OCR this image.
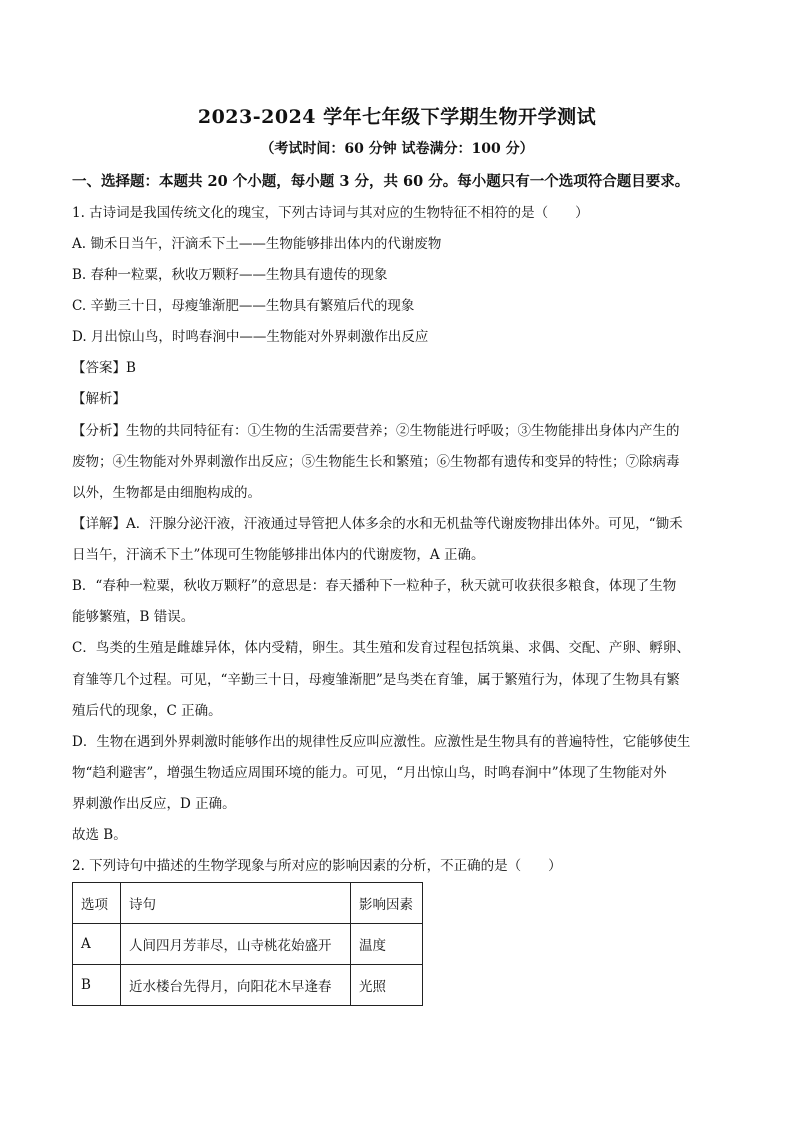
2023-2024 学年七年级下学期生物开学测试
（考试时间：60 分钟 试卷满分：100 分）
一、选择题：本题共 20 个小题，每小题 3 分，共 60 分。每小题只有一个选项符合题目要求。
1. 古诗词是我国传统文化的瑰宝，下列古诗词与其对应的生物特征不相符的是（　　）
A. 锄禾日当午，汗滴禾下土——生物能够排出体内的代谢废物
B. 春种一粒粟，秋收万颗籽——生物具有遗传的现象
C. 辛勤三十日，母瘦雏渐肥——生物具有繁殖后代的现象
D. 月出惊山鸟，时鸣春涧中——生物能对外界刺激作出反应
【答案】B
【解析】
【分析】生物的共同特征有：①生物的生活需要营养；②生物能进行呼吸；③生物能排出身体内产生的
废物；④生物能对外界刺激作出反应；⑤生物能生长和繁殖；⑥生物都有遗传和变异的特性；⑦除病毒
以外，生物都是由细胞构成的。
【详解】A．汗腺分泌汗液，汗液通过导管把人体多余的水和无机盐等代谢废物排出体外。可见，“锄禾
日当午，汗滴禾下土”体现可生物能够排出体内的代谢废物，A 正确。
B．“春种一粒粟，秋收万颗籽”的意思是：春天播种下一粒种子，秋天就可收获很多粮食，体现了生物
能够繁殖，B 错误。
C．鸟类的生殖是雌雄异体，体内受精，卵生。其生殖和发育过程包括筑巢、求偶、交配、产卵、孵卵、
育雏等几个过程。可见，“辛勤三十日，母瘦雏渐肥”是鸟类在育雏，属于繁殖行为，体现了生物具有繁
殖后代的现象，C 正确。
D．生物在遇到外界刺激时能够作出的规律性反应叫应激性。应激性是生物具有的普遍特性，它能够使生
物“趋利避害”，增强生物适应周围环境的能力。可见，“月出惊山鸟，时鸣春涧中”体现了生物能对外
界刺激作出反应，D 正确。
故选 B。
2. 下列诗句中描述的生物学现象与所对应的影响因素的分析，不正确的是（　　）
选项	诗句	影响因素
A	人间四月芳菲尽，山寺桃花始盛开	温度
B	近水楼台先得月，向阳花木早逢春	光照
